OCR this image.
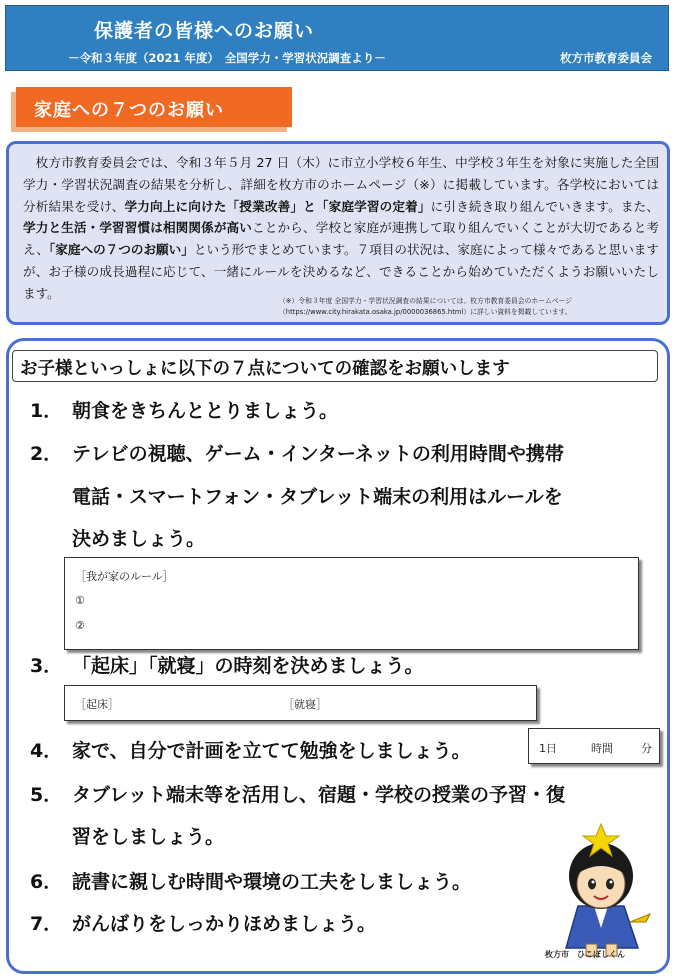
保護者の皆様へのお願い
－令和３年度（2021 年度）　全国学力・学習状況調査より－	枚方市教育委員会
家庭への７つのお願い

枚方市教育委員会では、令和３年５月 27 日（木）に市立小学校６年生、中学校３年生を対象に実施した全国学力・学習状況調査の結果を分析し、詳細を枚方市のホームページ（※）に掲載しています。各学校においては分析結果を受け、学力向上に向けた「授業改善」と「家庭学習の定着」に引き続き取り組んでいきます。また、学力と生活・学習習慣は相関関係が高いことから、学校と家庭が連携して取り組んでいくことが大切であると考え、「家庭への７つのお願い」という形でまとめています。７項目の状況は、家庭によって様々であると思いますが、お子様の成長過程に応じて、一緒にルールを決めるなど、できることから始めていただくようお願いいたします。

（※）令和３年度 全国学力・学習状況調査の結果については、枚方市教育委員会のホームページ
（https://www.city.hirakata.osaka.jp/0000036865.html）に詳しい資料を掲載しています。
お子様といっしょに以下の７点についての確認をお願いします
1． 朝食をきちんととりましょう。
2． テレビの視聴、ゲーム・インターネットの利用時間や携帯
電話・スマートフォン・タブレット端末の利用はルールを
決めましょう。
［我が家のルール］
①
②
3． 「起床」「就寝」の時刻を決めましょう。
［起床］	［就寝］
4． 家で、自分で計画を立てて勉強をしましょう。	1日	時間	分
5． タブレット端末等を活用し、宿題・学校の授業の予習・復
習をしましょう。
6． 読書に親しむ時間や環境の工夫をしましょう。
7． がんばりをしっかりほめましょう。
枚方市　ひこぼしくん
